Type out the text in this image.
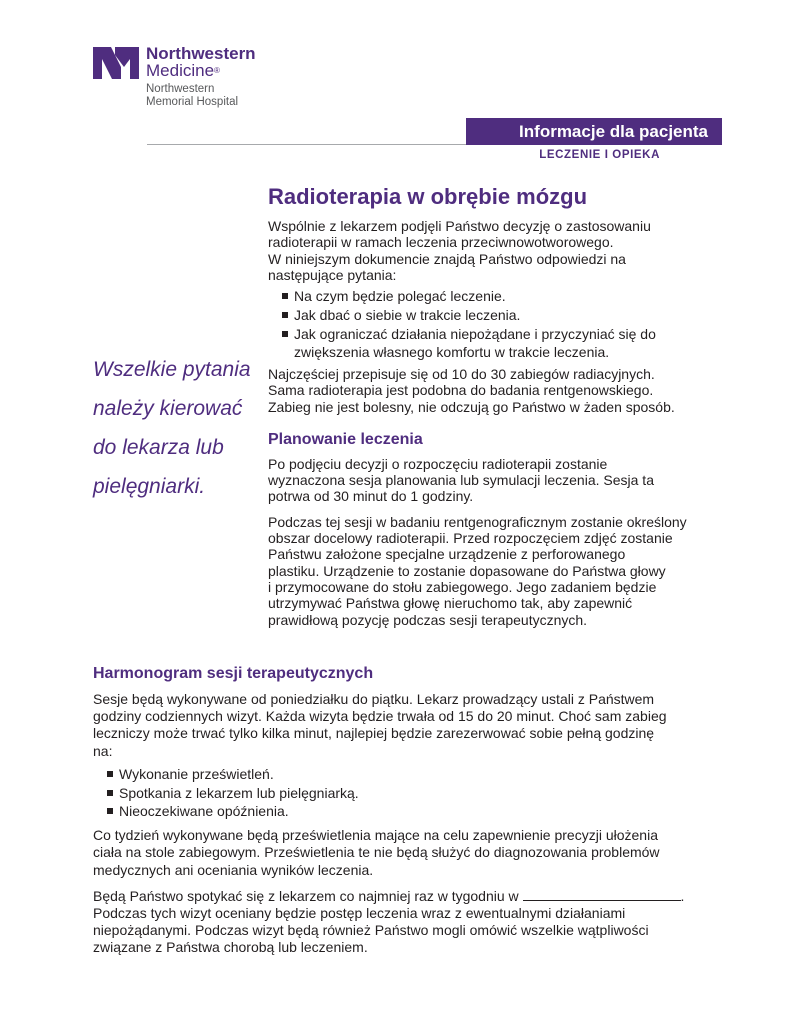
Northwestern
Medicine®
Northwestern
Memorial Hospital
Informacje dla pacjenta
LECZENIE I OPIEKA
Wszelkie pytania
należy kierować
do lekarza lub
pielęgniarki.
Radioterapia w obrębie mózgu
Wspólnie z lekarzem podjęli Państwo decyzję o zastosowaniu
radioterapii w ramach leczenia przeciwnowotworowego.
W niniejszym dokumencie znajdą Państwo odpowiedzi na
następujące pytania:
Na czym będzie polegać leczenie.
Jak dbać o siebie w trakcie leczenia.
Jak ograniczać działania niepożądane i przyczyniać się do zwiększenia własnego komfortu w trakcie leczenia.
Najczęściej przepisuje się od 10 do 30 zabiegów radiacyjnych.
Sama radioterapia jest podobna do badania rentgenowskiego.
Zabieg nie jest bolesny, nie odczują go Państwo w żaden sposób.
Planowanie leczenia
Po podjęciu decyzji o rozpoczęciu radioterapii zostanie
wyznaczona sesja planowania lub symulacji leczenia. Sesja ta
potrwa od 30 minut do 1 godziny.
Podczas tej sesji w badaniu rentgenograficznym zostanie określony
obszar docelowy radioterapii. Przed rozpoczęciem zdjęć zostanie
Państwu założone specjalne urządzenie z perforowanego
plastiku. Urządzenie to zostanie dopasowane do Państwa głowy
i przymocowane do stołu zabiegowego. Jego zadaniem będzie
utrzymywać Państwa głowę nieruchomo tak, aby zapewnić
prawidłową pozycję podczas sesji terapeutycznych.
Harmonogram sesji terapeutycznych
Sesje będą wykonywane od poniedziałku do piątku. Lekarz prowadzący ustali z Państwem
godziny codziennych wizyt. Każda wizyta będzie trwała od 15 do 20 minut. Choć sam zabieg
leczniczy może trwać tylko kilka minut, najlepiej będzie zarezerwować sobie pełną godzinę
na:
Wykonanie prześwietleń.
Spotkania z lekarzem lub pielęgniarką.
Nieoczekiwane opóźnienia.
Co tydzień wykonywane będą prześwietlenia mające na celu zapewnienie precyzji ułożenia
ciała na stole zabiegowym. Prześwietlenia te nie będą służyć do diagnozowania problemów
medycznych ani oceniania wyników leczenia.
Będą Państwo spotykać się z lekarzem co najmniej raz w tygodniu w	.
Podczas tych wizyt oceniany będzie postęp leczenia wraz z ewentualnymi działaniami
niepożądanymi. Podczas wizyt będą również Państwo mogli omówić wszelkie wątpliwości
związane z Państwa chorobą lub leczeniem.
